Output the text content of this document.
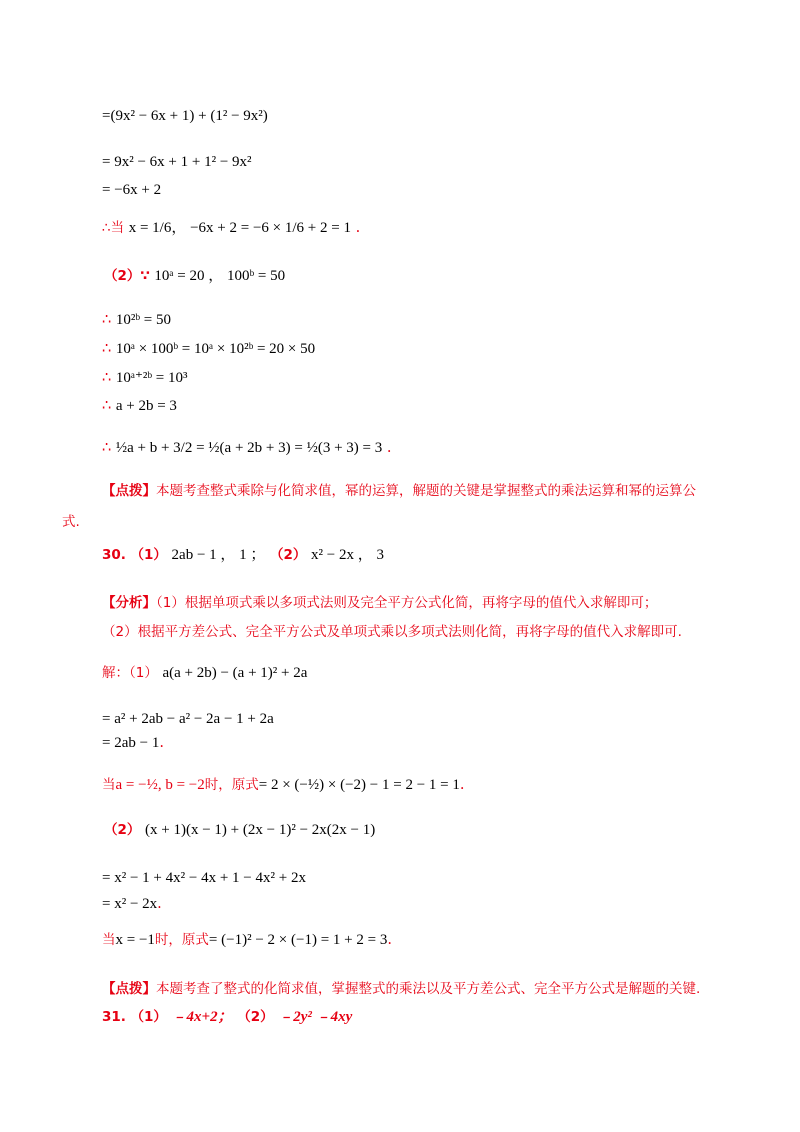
=(9x² − 6x + 1) + (1² − 9x²)
= 9x² − 6x + 1 + 1² − 9x²
= −6x + 2
∴当 x = 1/6， −6x + 2 = −6 × 1/6 + 2 = 1 .
（2）∵ 10ᵃ = 20 ， 100ᵇ = 50
∴ 10²ᵇ = 50
∴ 10ᵃ × 100ᵇ = 10ᵃ × 10²ᵇ = 20 × 50
∴ 10ᵃ⁺²ᵇ = 10³
∴ a + 2b = 3
∴ ½a + b + 3/2 = ½(a + 2b + 3) = ½(3 + 3) = 3 .
【点拨】本题考查整式乘除与化简求值，幂的运算，解题的关键是掌握整式的乘法运算和幂的运算公
式.
30. （1） 2ab − 1 ， 1 ； （2） x² − 2x ， 3
【分析】（1）根据单项式乘以多项式法则及完全平方公式化简，再将字母的值代入求解即可；
（2）根据平方差公式、完全平方公式及单项式乘以多项式法则化简，再将字母的值代入求解即可.
解：（1） a(a + 2b) − (a + 1)² + 2a
= a² + 2ab − a² − 2a − 1 + 2a
= 2ab − 1.
当a = −½, b = −2时，原式= 2 × (−½) × (−2) − 1 = 2 − 1 = 1.
（2） (x + 1)(x − 1) + (2x − 1)² − 2x(2x − 1)
= x² − 1 + 4x² − 4x + 1 − 4x² + 2x
= x² − 2x.
当x = −1时，原式= (−1)² − 2 × (−1) = 1 + 2 = 3.
【点拨】本题考查了整式的化简求值，掌握整式的乘法以及平方差公式、完全平方公式是解题的关键.
31. （1） ﹣4x+2； （2） ﹣2y² ﹣4xy
